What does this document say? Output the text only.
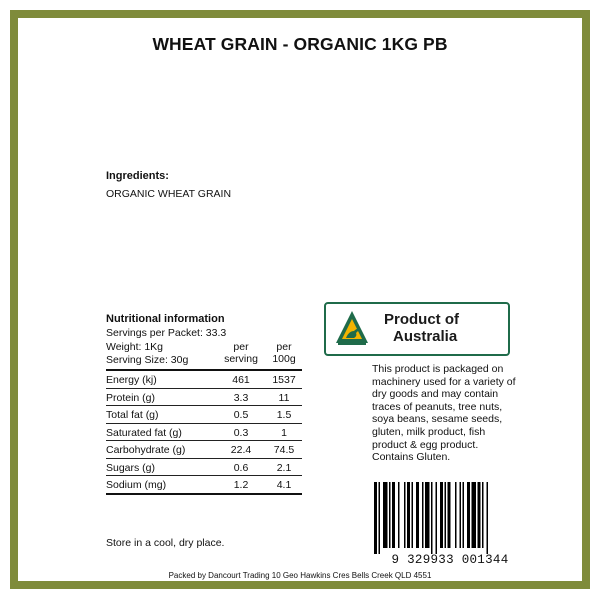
WHEAT GRAIN - ORGANIC 1KG PB
Ingredients:
ORGANIC WHEAT GRAIN
Nutritional information
Servings per Packet: 33.3
Weight: 1Kg
Serving Size: 30g
per serving
per 100g
Energy (kj)	461	1537
Protein (g)	3.3	11
Total fat (g)	0.5	1.5
Saturated fat (g)	0.3	1
Carbohydrate (g)	22.4	74.5
Sugars (g)	0.6	2.1
Sodium (mg)	1.2	4.1
Product of
Australia
This product is packaged on machinery used for a variety of dry goods and may contain traces of peanuts, tree nuts, soya beans, sesame seeds, gluten, milk product, fish product & egg product. Contains Gluten.
9 329933 001344
Store in a cool, dry place.
Packed by Dancourt Trading 10 Geo Hawkins Cres Bells Creek QLD 4551
